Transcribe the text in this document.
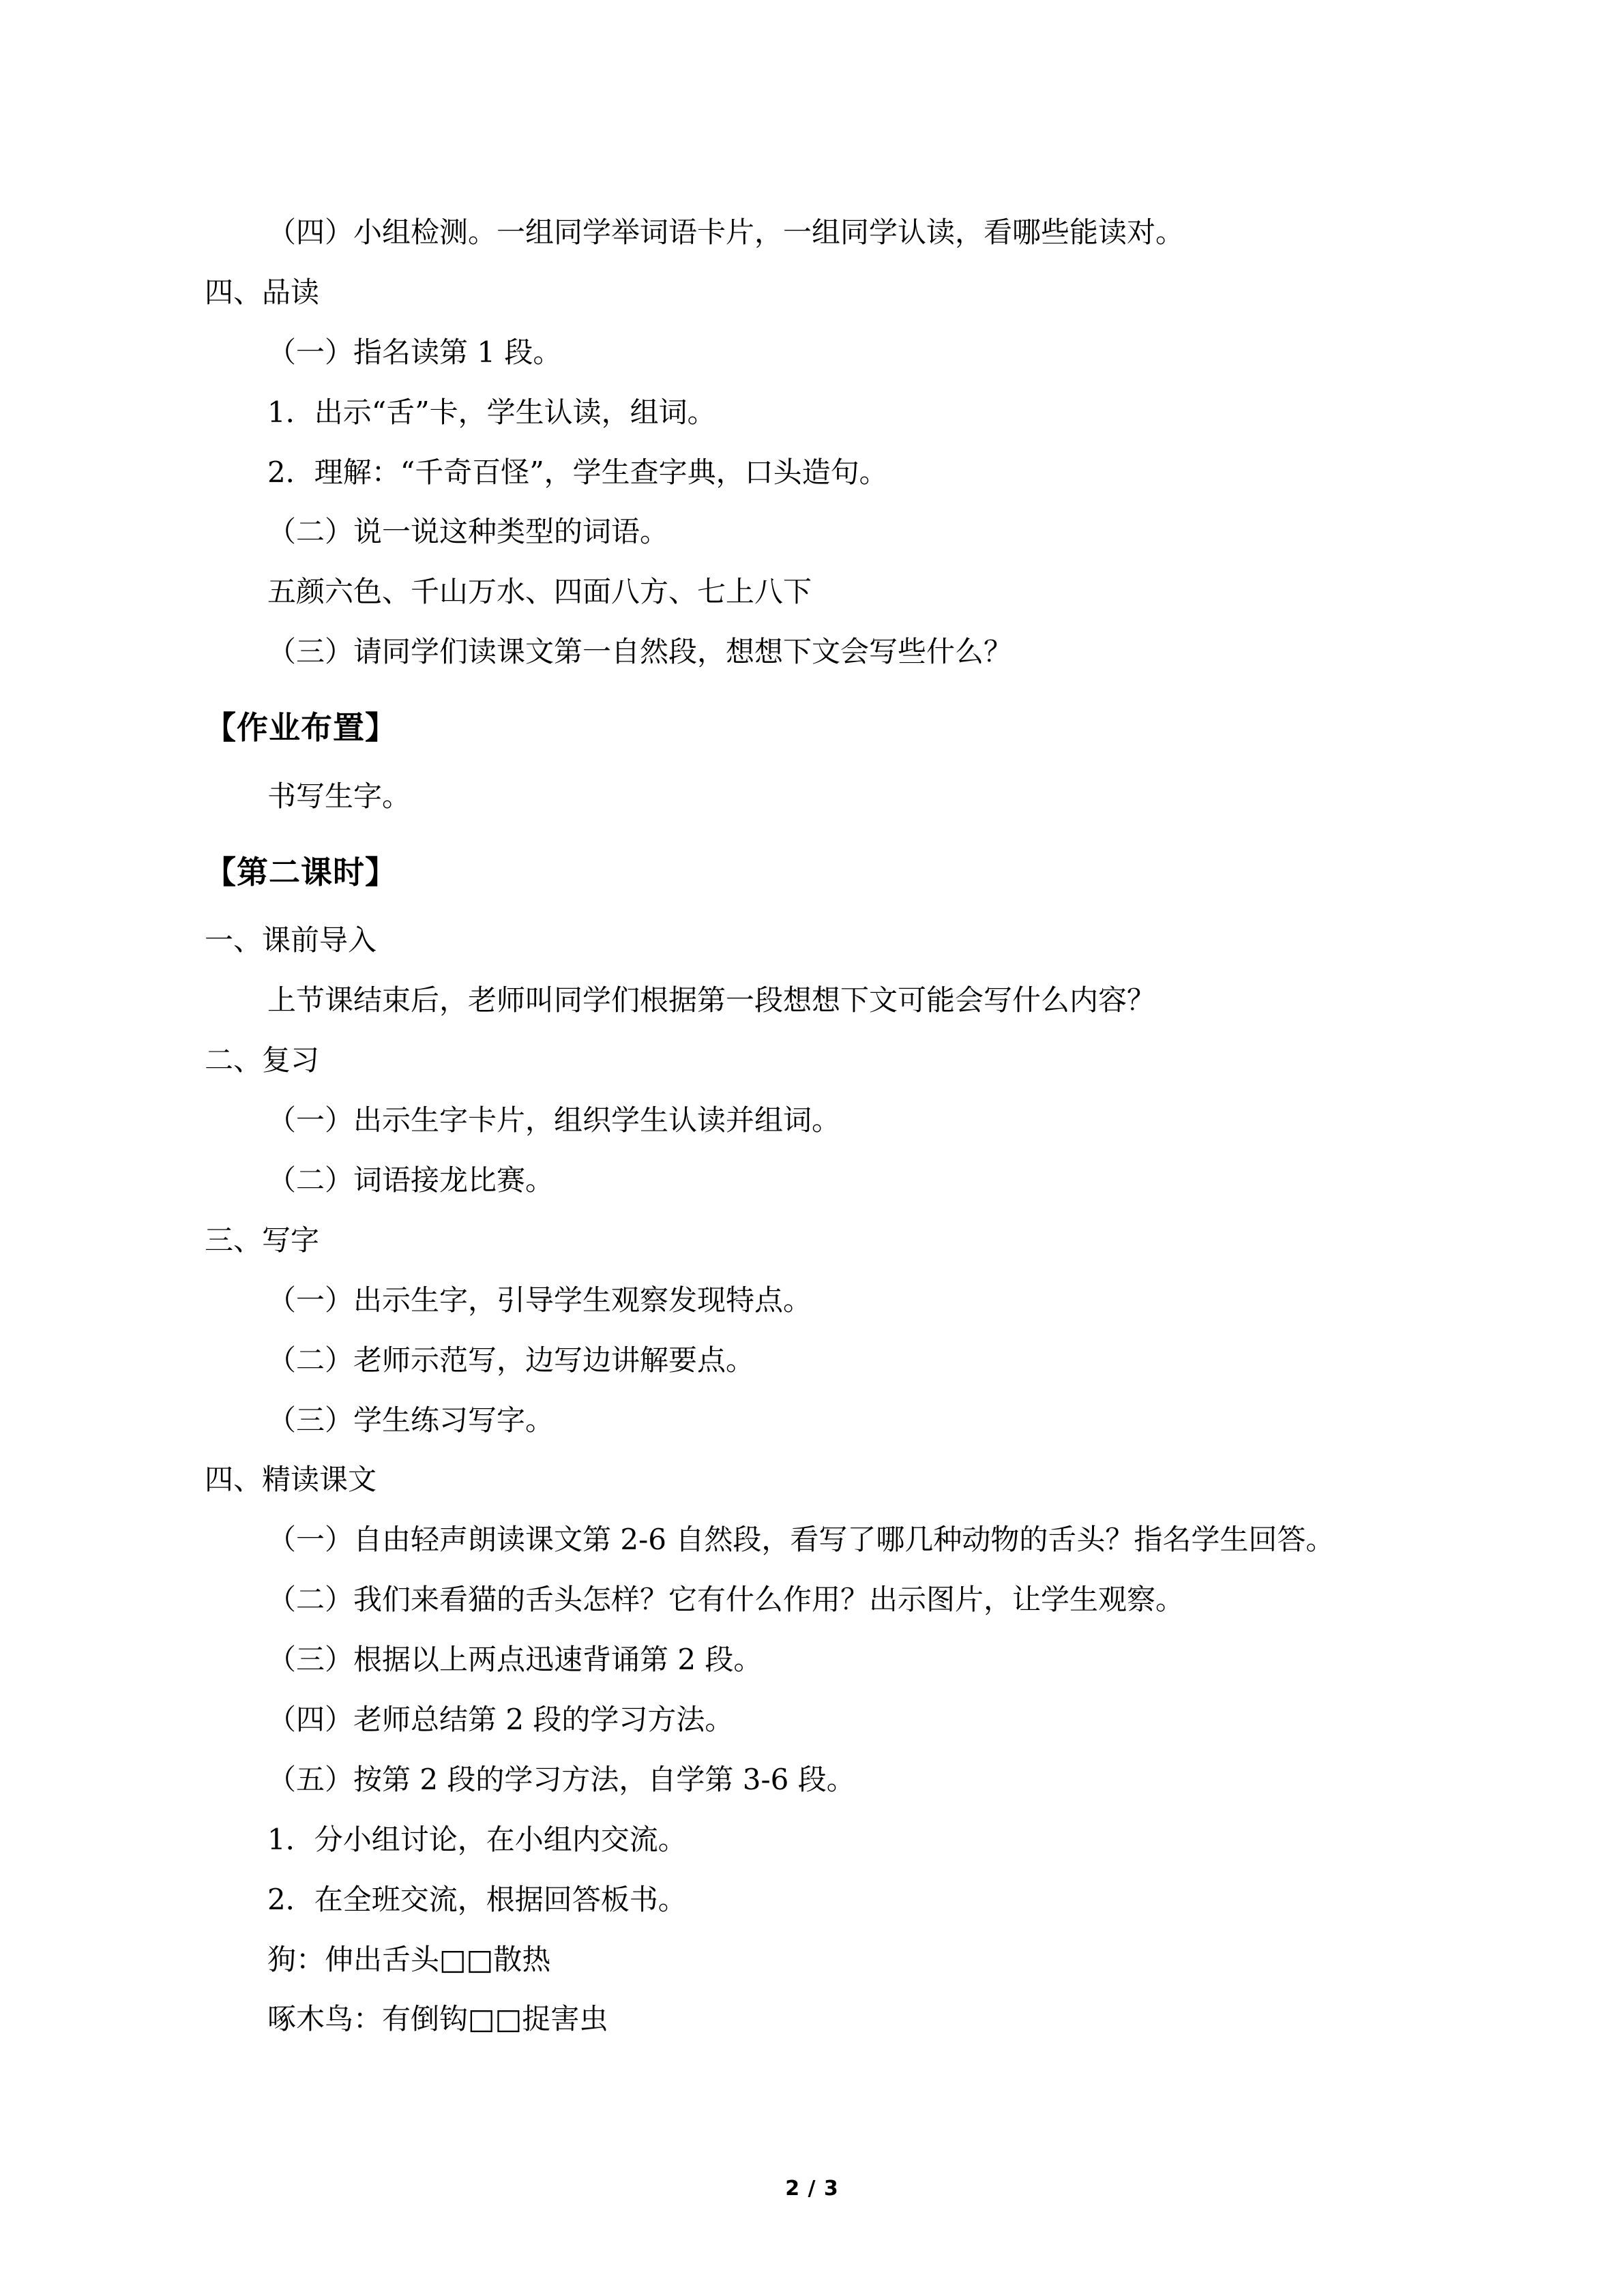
（四）小组检测。一组同学举词语卡片，一组同学认读，看哪些能读对。

四、品读

（一）指名读第 1 段。

1．出示“舌”卡，学生认读，组词。

2．理解：“千奇百怪”，学生查字典，口头造句。

（二）说一说这种类型的词语。

五颜六色、千山万水、四面八方、七上八下

（三）请同学们读课文第一自然段，想想下文会写些什么？

【作业布置】

书写生字。

【第二课时】

一、课前导入

上节课结束后，老师叫同学们根据第一段想想下文可能会写什么内容？

二、复习

（一）出示生字卡片，组织学生认读并组词。

（二）词语接龙比赛。

三、写字

（一）出示生字，引导学生观察发现特点。

（二）老师示范写，边写边讲解要点。

（三）学生练习写字。

四、精读课文

（一）自由轻声朗读课文第 2-6 自然段，看写了哪几种动物的舌头？指名学生回答。

（二）我们来看猫的舌头怎样？它有什么作用？出示图片，让学生观察。

（三）根据以上两点迅速背诵第 2 段。

（四）老师总结第 2 段的学习方法。

（五）按第 2 段的学习方法，自学第 3-6 段。

1．分小组讨论，在小组内交流。

2．在全班交流，根据回答板书。

狗：伸出舌头□□散热

啄木鸟：有倒钩□□捉害虫

2 / 3
